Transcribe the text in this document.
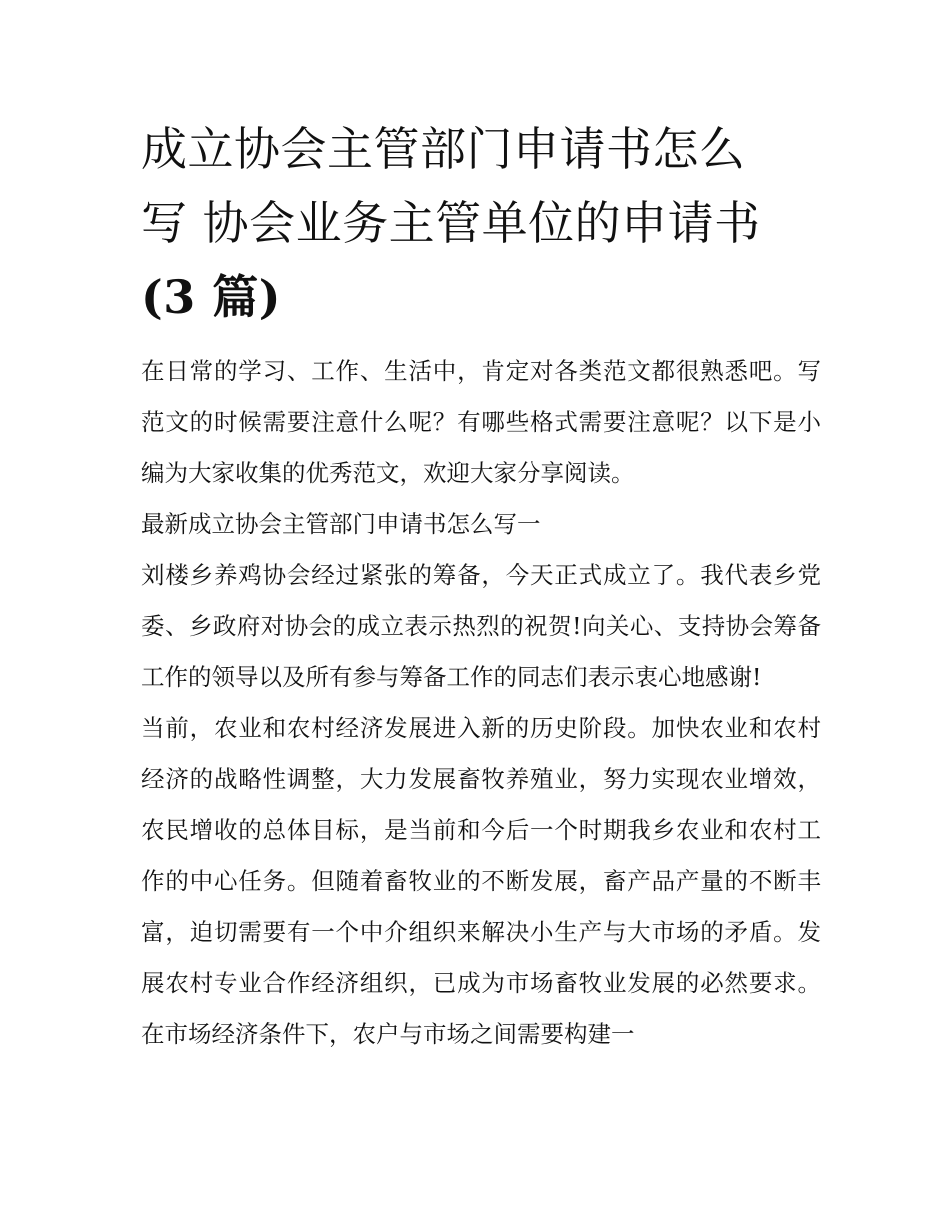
成立协会主管部门申请书怎么
写 协会业务主管单位的申请书
(3 篇)

在日常的学习、工作、生活中，肯定对各类范文都很熟悉吧。写范文的时候需要注意什么呢？有哪些格式需要注意呢？以下是小编为大家收集的优秀范文，欢迎大家分享阅读。

最新成立协会主管部门申请书怎么写一

刘楼乡养鸡协会经过紧张的筹备，今天正式成立了。我代表乡党委、乡政府对协会的成立表示热烈的祝贺!向关心、支持协会筹备工作的领导以及所有参与筹备工作的同志们表示衷心地感谢!

当前，农业和农村经济发展进入新的历史阶段。加快农业和农村经济的战略性调整，大力发展畜牧养殖业，努力实现农业增效，农民增收的总体目标，是当前和今后一个时期我乡农业和农村工作的中心任务。但随着畜牧业的不断发展，畜产品产量的不断丰富，迫切需要有一个中介组织来解决小生产与大市场的矛盾。发展农村专业合作经济组织，已成为市场畜牧业发展的必然要求。在市场经济条件下，农户与市场之间需要构建一
